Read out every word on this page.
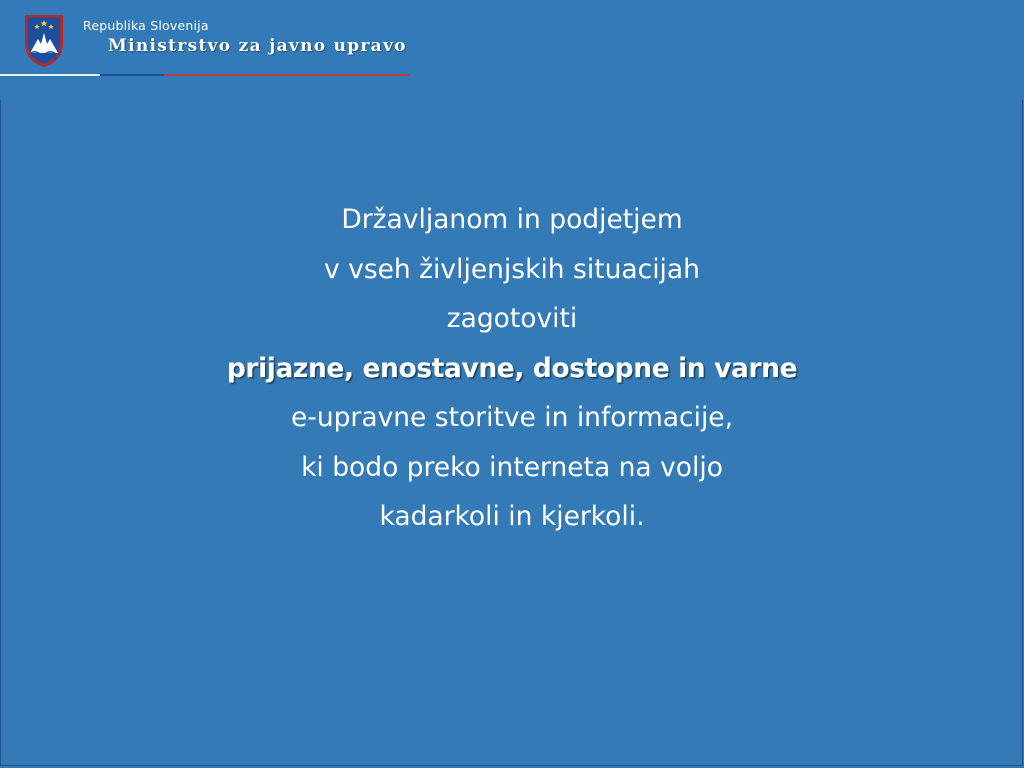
Republika Slovenija
Ministrstvo za javno upravo
Državljanom in podjetjem
v vseh življenjskih situacijah
zagotoviti
prijazne, enostavne, dostopne in varne
e-upravne storitve in informacije,
ki bodo preko interneta na voljo
kadarkoli in kjerkoli.
